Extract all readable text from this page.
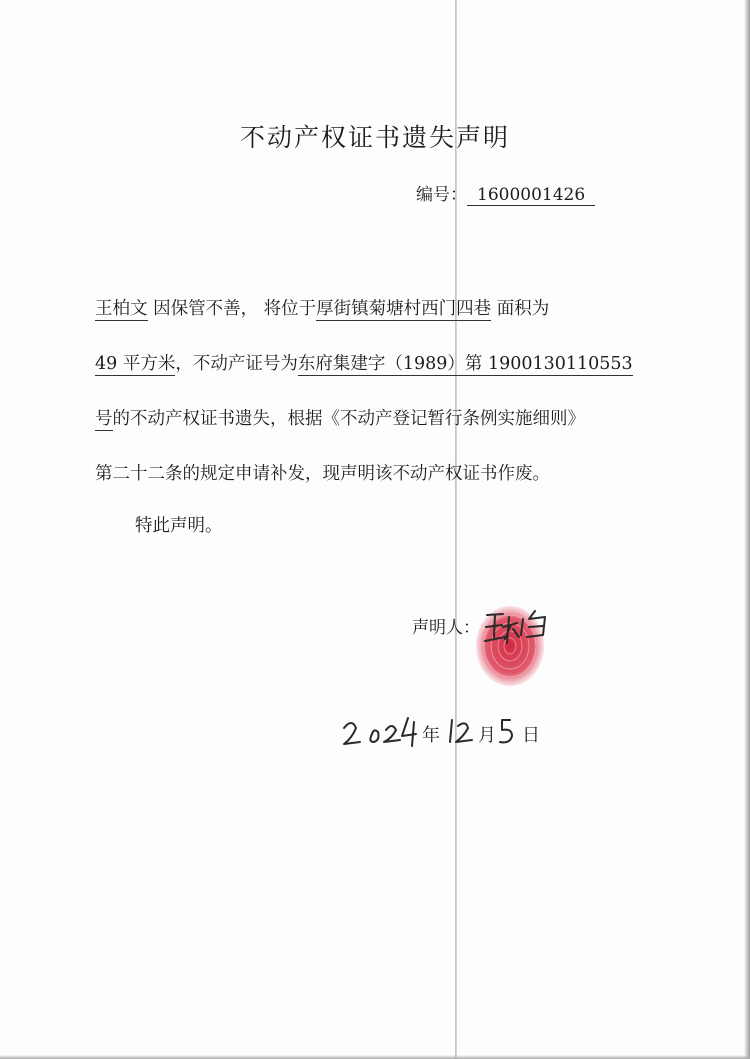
不动产权证书遗失声明
编号： 1600001426
王柏文 因保管不善， 将位于厚街镇菊塘村西门四巷 面积为
49 平方米，不动产证号为东府集建字（1989）第 1900130110553
号的不动产权证书遗失，根据《不动产登记暂行条例实施细则》
第二十二条的规定申请补发，现声明该不动产权证书作废。
特此声明。
声明人：
年 月 日
